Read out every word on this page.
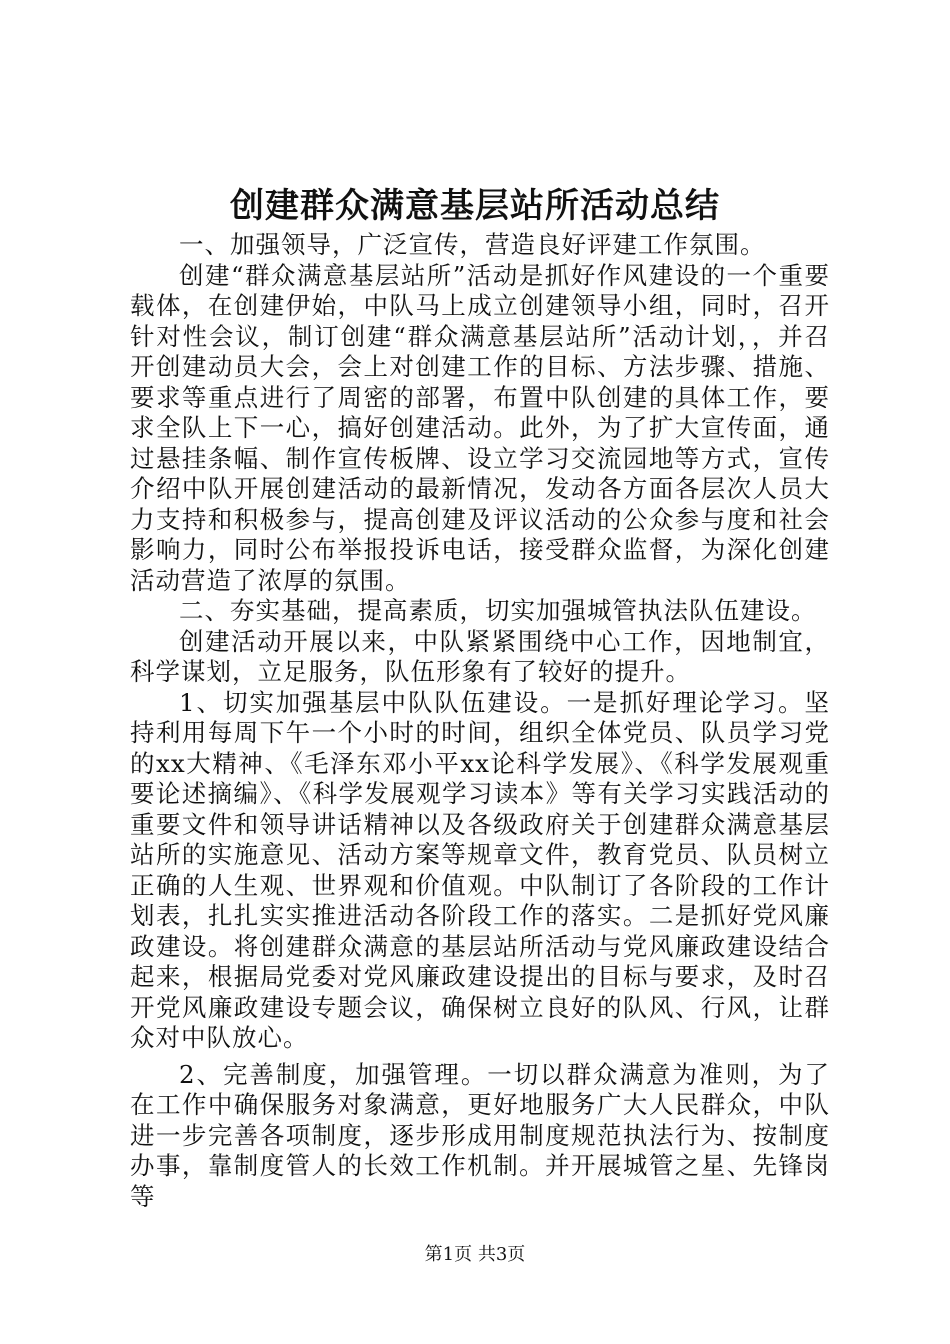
创建群众满意基层站所活动总结

一、加强领导，广泛宣传，营造良好评建工作氛围。

创建“群众满意基层站所”活动是抓好作风建设的一个重要载体，在创建伊始，中队马上成立创建领导小组，同时，召开针对性会议，制订创建“群众满意基层站所”活动计划，，并召开创建动员大会，会上对创建工作的目标、方法步骤、措施、要求等重点进行了周密的部署，布置中队创建的具体工作，要求全队上下一心，搞好创建活动。此外，为了扩大宣传面，通过悬挂条幅、制作宣传板牌、设立学习交流园地等方式，宣传介绍中队开展创建活动的最新情况，发动各方面各层次人员大力支持和积极参与，提高创建及评议活动的公众参与度和社会影响力，同时公布举报投诉电话，接受群众监督，为深化创建活动营造了浓厚的氛围。

二、夯实基础，提高素质，切实加强城管执法队伍建设。

创建活动开展以来，中队紧紧围绕中心工作，因地制宜，科学谋划，立足服务，队伍形象有了较好的提升。

1、切实加强基层中队队伍建设。一是抓好理论学习。坚持利用每周下午一个小时的时间，组织全体党员、队员学习党的xx大精神、《毛泽东邓小平xx论科学发展》、《科学发展观重要论述摘编》、《科学发展观学习读本》等有关学习实践活动的重要文件和领导讲话精神以及各级政府关于创建群众满意基层站所的实施意见、活动方案等规章文件，教育党员、队员树立正确的人生观、世界观和价值观。中队制订了各阶段的工作计划表，扎扎实实推进活动各阶段工作的落实。二是抓好党风廉政建设。将创建群众满意的基层站所活动与党风廉政建设结合起来，根据局党委对党风廉政建设提出的目标与要求，及时召开党风廉政建设专题会议，确保树立良好的队风、行风，让群众对中队放心。

2、完善制度，加强管理。一切以群众满意为准则，为了在工作中确保服务对象满意，更好地服务广大人民群众，中队进一步完善各项制度，逐步形成用制度规范执法行为、按制度办事，靠制度管人的长效工作机制。并开展城管之星、先锋岗等

第1页 共3页
